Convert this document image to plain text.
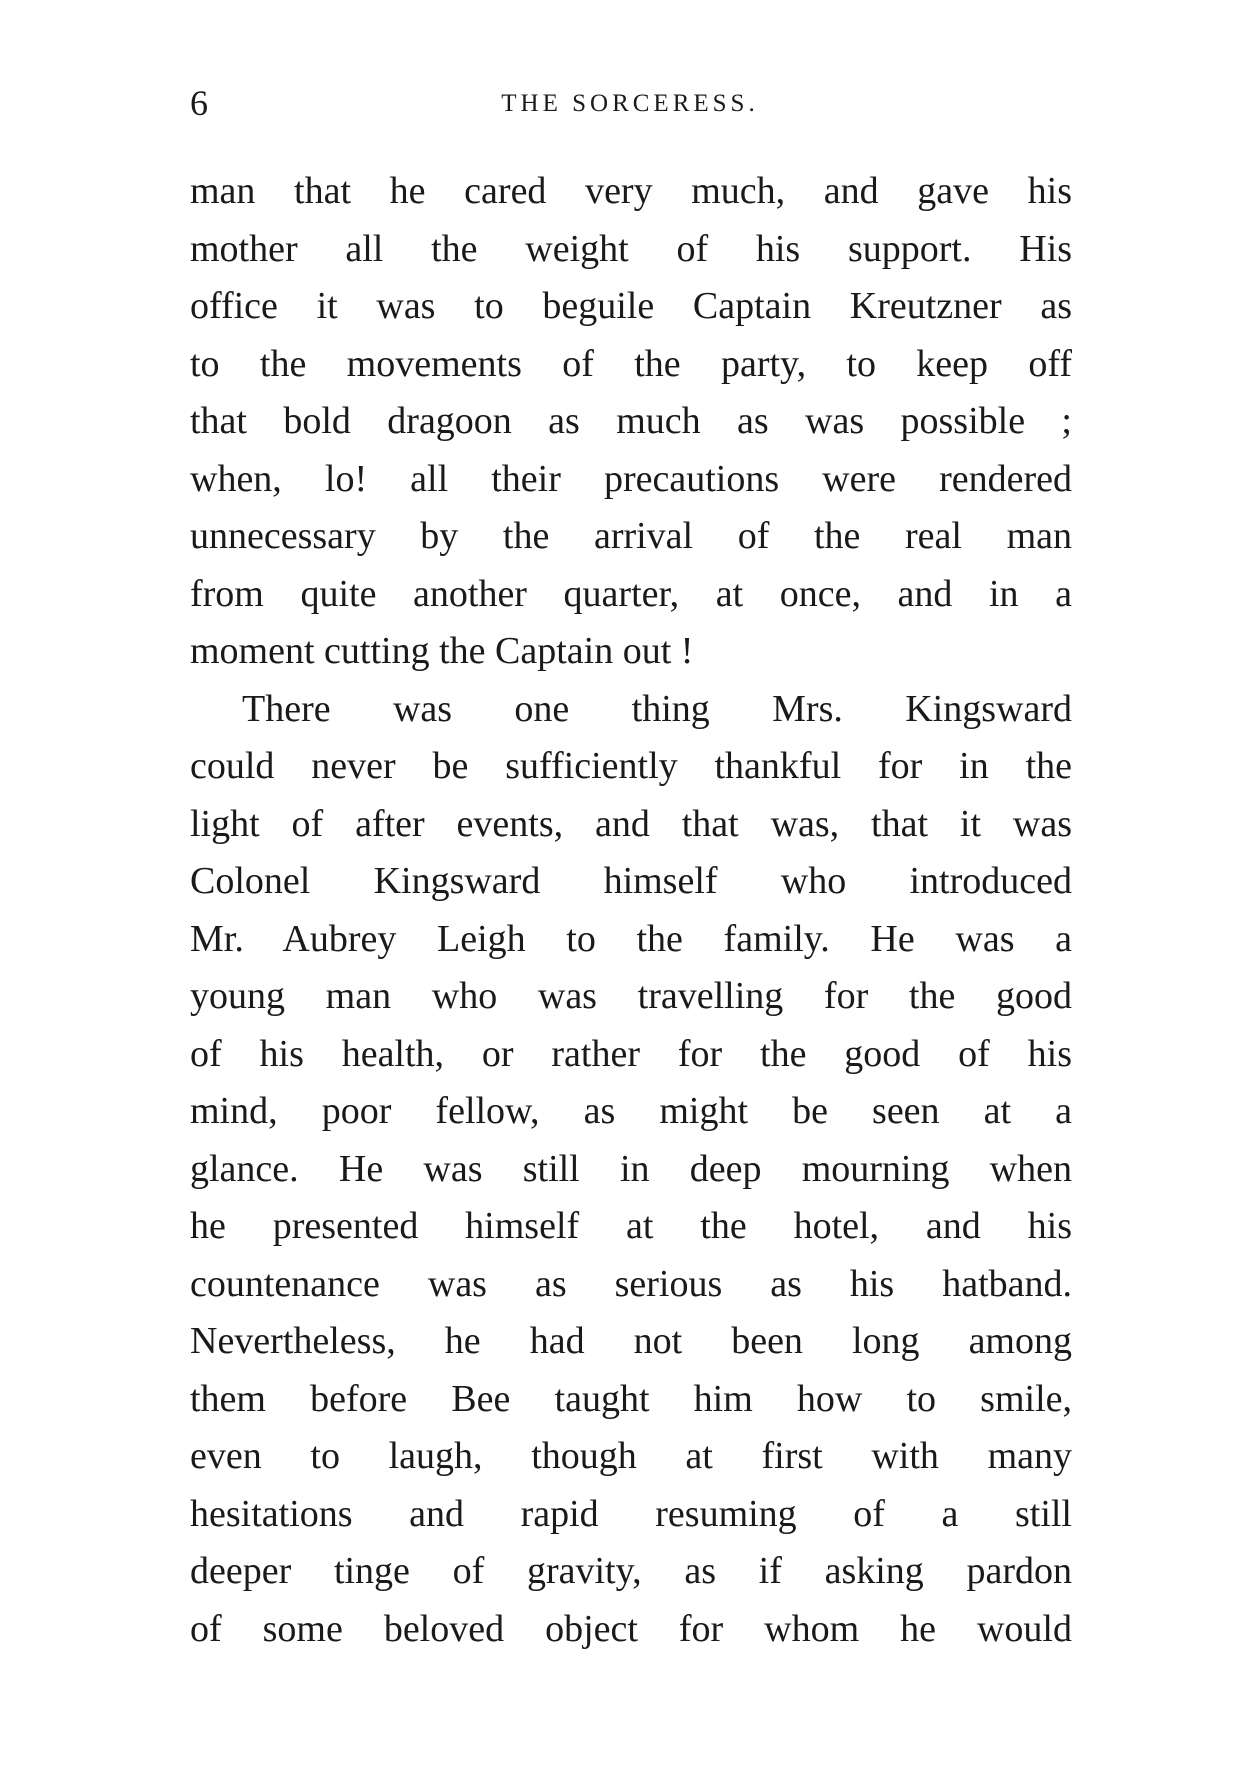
6	THE SORCERESS.
man that he cared very much, and gave his
mother all the weight of his support. His
office it was to beguile Captain Kreutzner as
to the movements of the party, to keep off
that bold dragoon as much as was possible ;
when, lo! all their precautions were rendered
unnecessary by the arrival of the real man
from quite another quarter, at once, and in a
moment cutting the Captain out !
There was one thing Mrs. Kingsward
could never be sufficiently thankful for in the
light of after events, and that was, that it was
Colonel Kingsward himself who introduced
Mr. Aubrey Leigh to the family. He was a
young man who was travelling for the good
of his health, or rather for the good of his
mind, poor fellow, as might be seen at a
glance. He was still in deep mourning when
he presented himself at the hotel, and his
countenance was as serious as his hatband.
Nevertheless, he had not been long among
them before Bee taught him how to smile,
even to laugh, though at first with many
hesitations and rapid resuming of a still
deeper tinge of gravity, as if asking pardon
of some beloved object for whom he would
